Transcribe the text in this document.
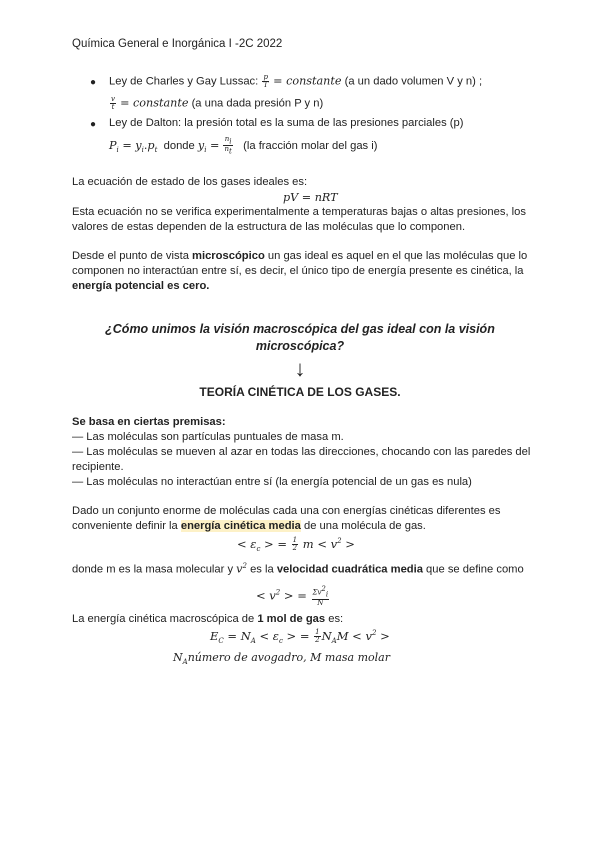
Química General e Inorgánica I -2C 2022
● Ley de Charles y Gay Lussac: $\frac{p}{T}$ = constante (a un dado volumen V y n) ;
$\frac{v}{t}$ = constante (a una dada presión P y n)
● Ley de Dalton: la presión total es la suma de las presiones parciales (p)
$P_i = y_i.p_t$ donde $y_i = \frac{n_i}{n_t} (la$ fracción molar del gas i)
La ecuación de estado de los gases ideales es:
pV = nRT
Esta ecuación no se verifica experimentalmente a temperaturas bajas o altas presiones, los valores de estas dependen de la estructura de las moléculas que lo componen.
Desde el punto de vista microscópico un gas ideal es aquel en el que las moléculas que lo componen no interactúan entre sí, es decir, el único tipo de energía presente es cinética, la energía potencial es cero.
¿Cómo unimos la visión macroscópica del gas ideal con la visión
microscópica?
↓
TEORÍA CINÉTICA DE LOS GASES.
Se basa en ciertas premisas:
— Las moléculas son partículas puntuales de masa m.
— Las moléculas se mueven al azar en todas las direcciones, chocando con las paredes del
recipiente.
— Las moléculas no interactúan entre sí (la energía potencial de un gas es nula)
Dado un conjunto enorme de moléculas cada una con energías cinéticas diferentes es
conveniente definir la energía cinética media de una molécula de gas.
< $\varepsilon_c$ > = $\frac{1}{2}$ $m < v^2$ >
donde m es la masa molecular y $v^2$ es la velocidad cuadrática media que se define como
< $v^2$ > = $\frac{\Sigma v^2_i}{N}$
La energía cinética macroscópica de 1 mol de gas es:
$E_C = N_A < \varepsilon_c$ > = $\frac{1}{2} N_AM < v^2$ >
$N_Anúmero$ de avogadro, M masa molar
